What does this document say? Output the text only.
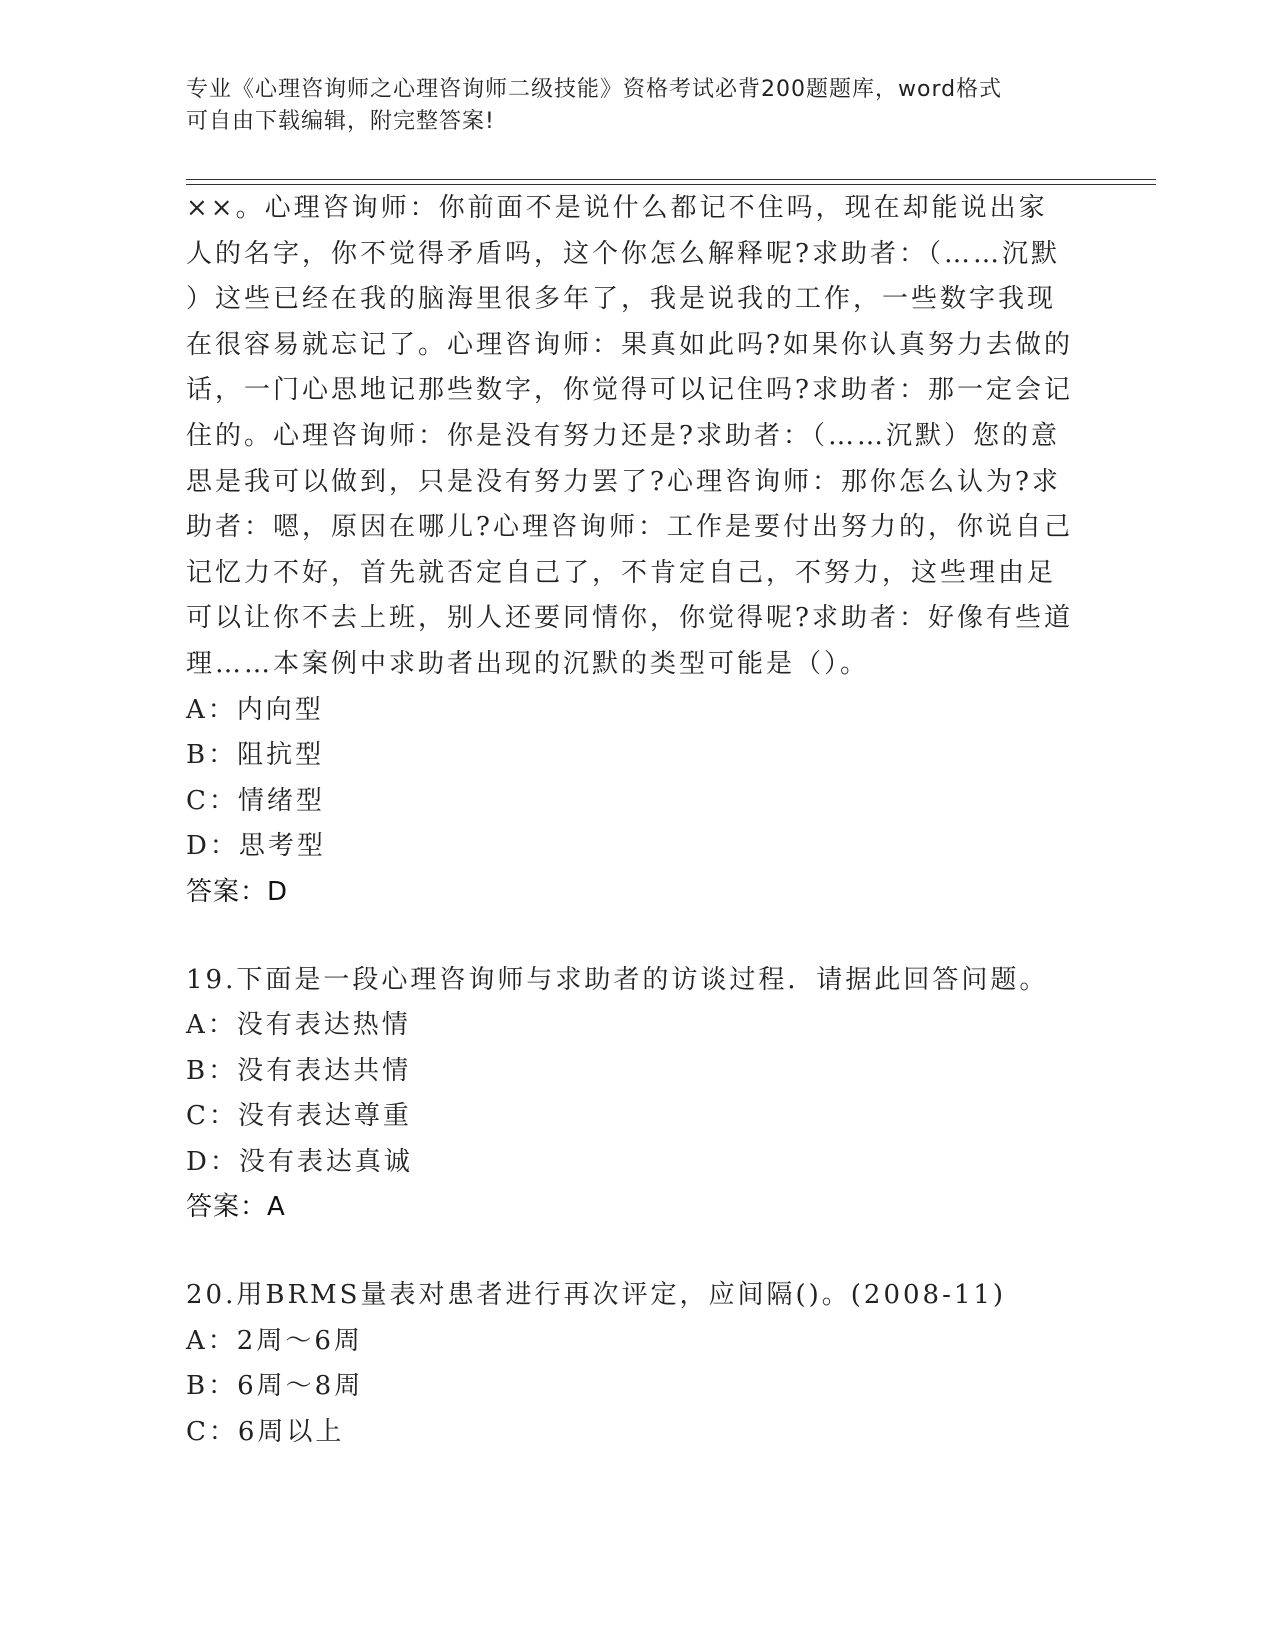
专业《心理咨询师之心理咨询师二级技能》资格考试必背200题题库，word格式
可自由下载编辑，附完整答案!
××。心理咨询师：你前面不是说什么都记不住吗，现在却能说出家
人的名字，你不觉得矛盾吗，这个你怎么解释呢?求助者：（……沉默
）这些已经在我的脑海里很多年了，我是说我的工作，一些数字我现
在很容易就忘记了。心理咨询师：果真如此吗?如果你认真努力去做的
话，一门心思地记那些数字，你觉得可以记住吗?求助者：那一定会记
住的。心理咨询师：你是没有努力还是?求助者：（……沉默）您的意
思是我可以做到，只是没有努力罢了?心理咨询师：那你怎么认为?求
助者：嗯，原因在哪儿?心理咨询师：工作是要付出努力的，你说自己
记忆力不好，首先就否定自己了，不肯定自己，不努力，这些理由足
可以让你不去上班，别人还要同情你，你觉得呢?求助者：好像有些道
理……本案例中求助者出现的沉默的类型可能是（）。
A：内向型
B：阻抗型
C：情绪型
D：思考型
答案：D
19.下面是一段心理咨询师与求助者的访谈过程．请据此回答问题。
A：没有表达热情
B：没有表达共情
C：没有表达尊重
D：没有表达真诚
答案：A
20.用BRMS量表对患者进行再次评定，应间隔()。(2008-11)
A：2周～6周
B：6周～8周
C：6周以上
